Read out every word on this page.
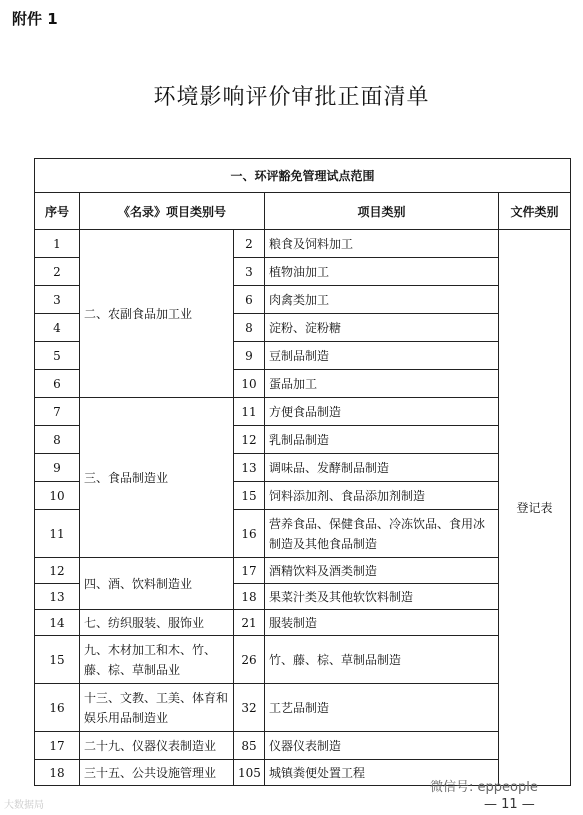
附件 1
环境影响评价审批正面清单
一、环评豁免管理试点范围				
序号	《名录》项目类别号		项目类别	文件类别
1	二、农副食品加工业	2	粮食及饲料加工	登记表
2		3	植物油加工	
3		6	肉禽类加工	
4		8	淀粉、淀粉糖	
5		9	豆制品制造	
6		10	蛋品加工	
7	三、食品制造业	11	方便食品制造	
8		12	乳制品制造	
9		13	调味品、发酵制品制造	
10		15	饲料添加剂、食品添加剂制造	
11		16	营养食品、保健食品、冷冻饮品、食用冰制造及其他食品制造	
12	四、酒、饮料制造业	17	酒精饮料及酒类制造	
13		18	果菜汁类及其他软饮料制造	
14	七、纺织服装、服饰业	21	服装制造	
15	九、木材加工和木、竹、藤、棕、草制品业	26	竹、藤、棕、草制品制造	
16	十三、文教、工美、体育和娱乐用品制造业	32	工艺品制造	
17	二十九、仪器仪表制造业	85	仪器仪表制造	
18	三十五、公共设施管理业	105	城镇粪便处置工程	
大数据局
微信号: eppeople
— 11 —
